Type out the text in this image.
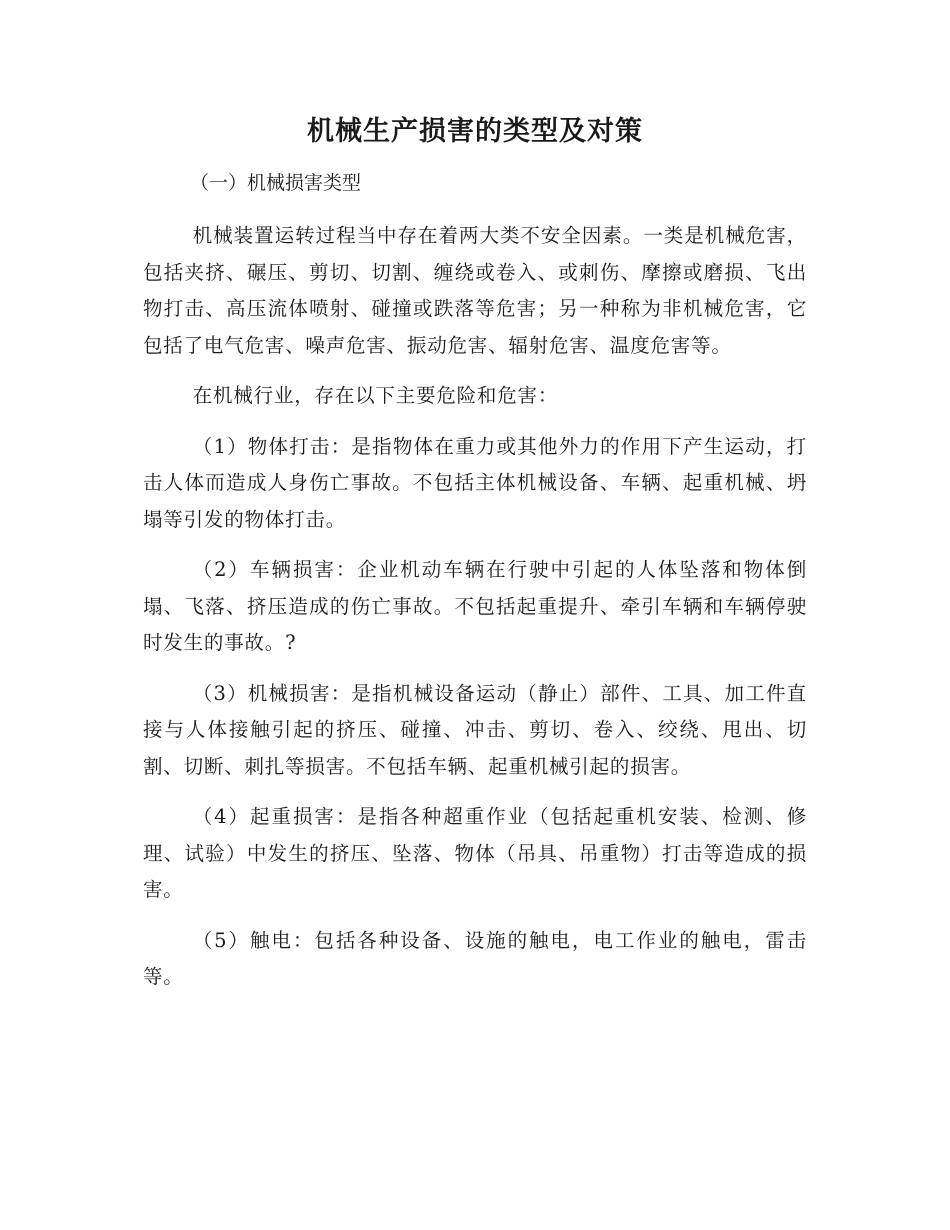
机械生产损害的类型及对策
（一）机械损害类型

机械装置运转过程当中存在着两大类不安全因素。一类是机械危害，包括夹挤、碾压、剪切、切割、缠绕或卷入、或刺伤、摩擦或磨损、飞出物打击、高压流体喷射、碰撞或跌落等危害；另一种称为非机械危害，它包括了电气危害、噪声危害、振动危害、辐射危害、温度危害等。

在机械行业，存在以下主要危险和危害：

（1）物体打击：是指物体在重力或其他外力的作用下产生运动，打击人体而造成人身伤亡事故。不包括主体机械设备、车辆、起重机械、坍塌等引发的物体打击。

（2）车辆损害：企业机动车辆在行驶中引起的人体坠落和物体倒塌、飞落、挤压造成的伤亡事故。不包括起重提升、牵引车辆和车辆停驶时发生的事故。?

（3）机械损害：是指机械设备运动（静止）部件、工具、加工件直接与人体接触引起的挤压、碰撞、冲击、剪切、卷入、绞绕、甩出、切割、切断、刺扎等损害。不包括车辆、起重机械引起的损害。

（4）起重损害：是指各种超重作业（包括起重机安装、检测、修理、试验）中发生的挤压、坠落、物体（吊具、吊重物）打击等造成的损害。

（5）触电：包括各种设备、设施的触电，电工作业的触电，雷击等。
